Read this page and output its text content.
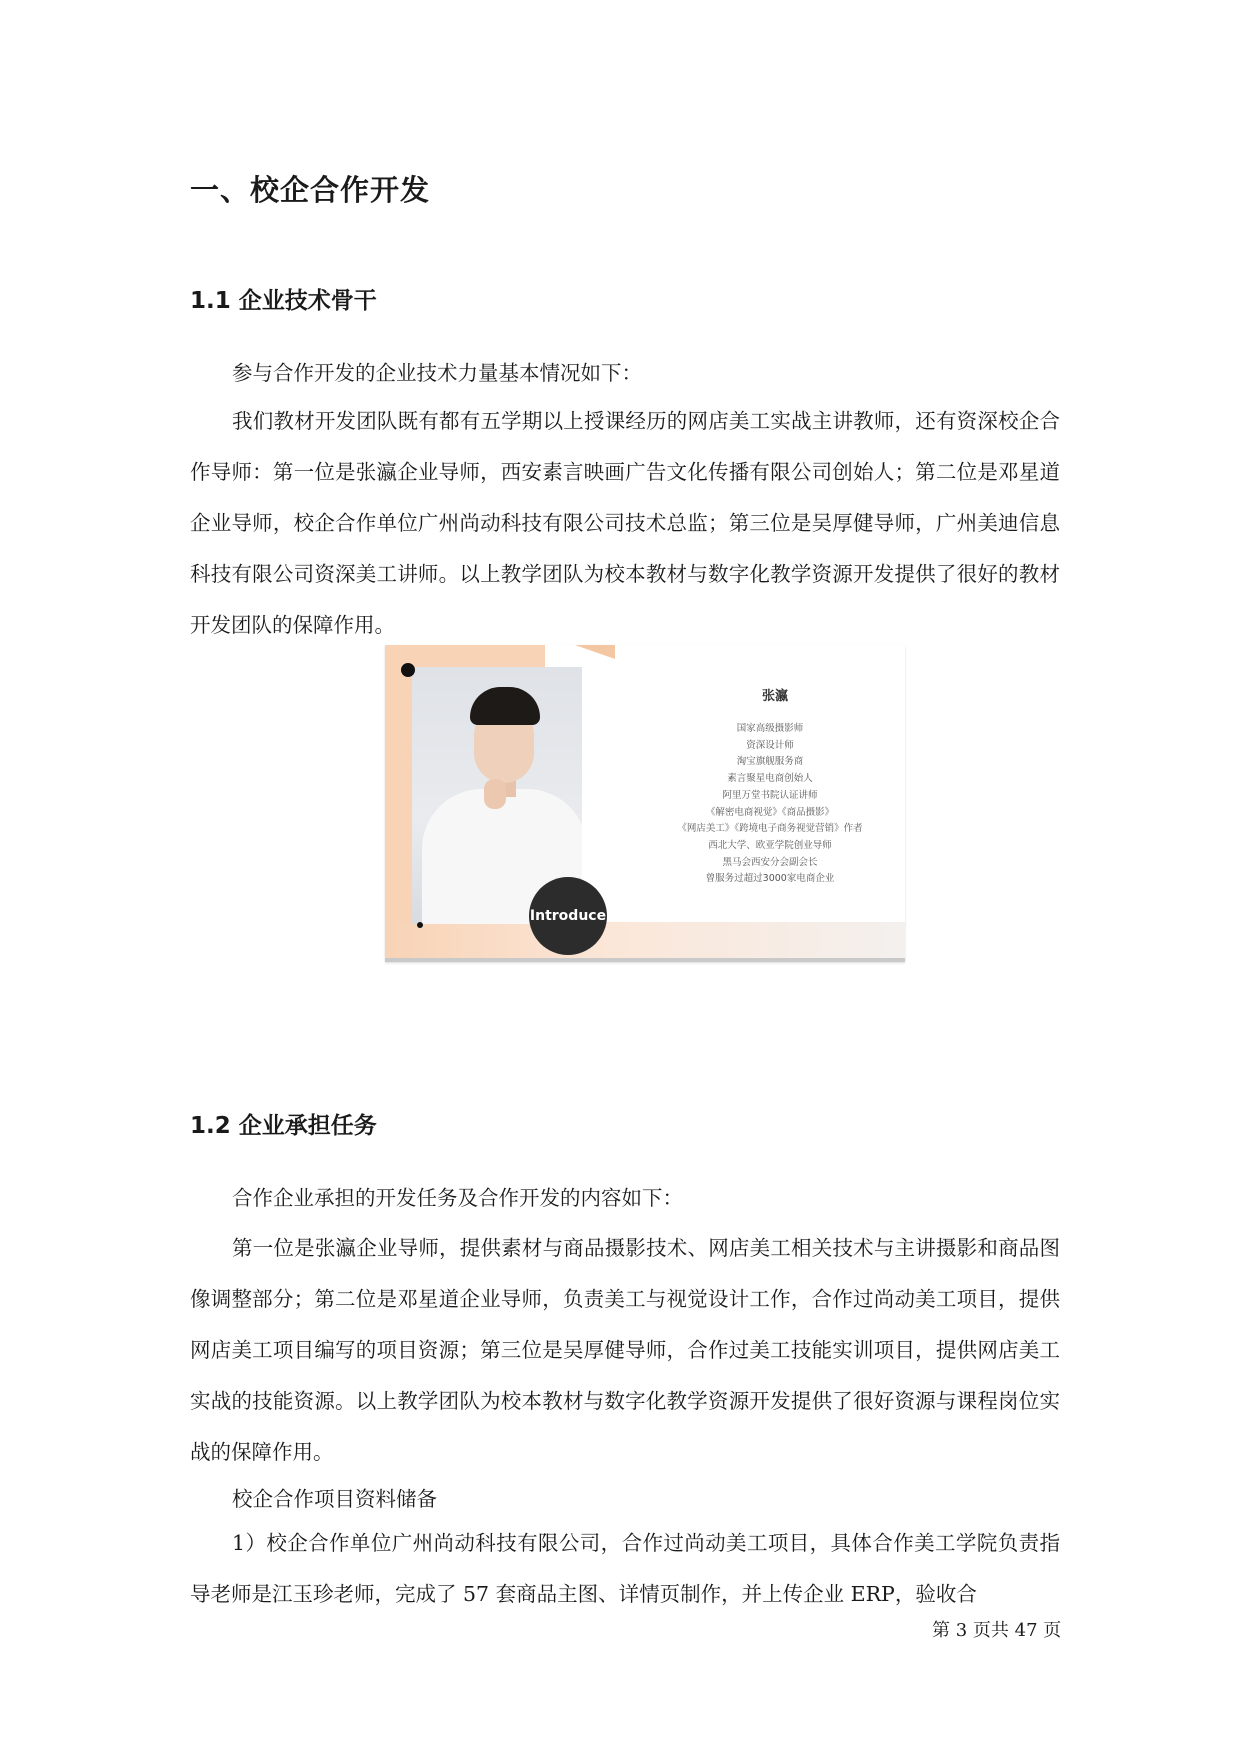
一、校企合作开发
1.1 企业技术骨干
参与合作开发的企业技术力量基本情况如下：

我们教材开发团队既有都有五学期以上授课经历的网店美工实战主讲教师，还有资深校企合作导师：第一位是张瀛企业导师，西安素言映画广告文化传播有限公司创始人；第二位是邓星道企业导师，校企合作单位广州尚动科技有限公司技术总监；第三位是吴厚健导师，广州美迪信息科技有限公司资深美工讲师。以上教学团队为校本教材与数字化教学资源开发提供了很好的教材开发团队的保障作用。

Introduce
张瀛
国家高级摄影师
资深设计师
淘宝旗舰服务商
素言聚星电商创始人
阿里万堂书院认证讲师
《解密电商视觉》《商品摄影》
《网店美工》《跨境电子商务视觉营销》作者
西北大学、欧亚学院创业导师
黑马会西安分会副会长
曾服务过超过3000家电商企业
1.2 企业承担任务
合作企业承担的开发任务及合作开发的内容如下：

第一位是张瀛企业导师，提供素材与商品摄影技术、网店美工相关技术与主讲摄影和商品图像调整部分；第二位是邓星道企业导师，负责美工与视觉设计工作，合作过尚动美工项目，提供网店美工项目编写的项目资源；第三位是吴厚健导师，合作过美工技能实训项目，提供网店美工实战的技能资源。以上教学团队为校本教材与数字化教学资源开发提供了很好资源与课程岗位实战的保障作用。

校企合作项目资料储备

1）校企合作单位广州尚动科技有限公司，合作过尚动美工项目，具体合作美工学院负责指导老师是江玉珍老师，完成了 57 套商品主图、详情页制作，并上传企业 ERP，验收合

第 3 页共 47 页
